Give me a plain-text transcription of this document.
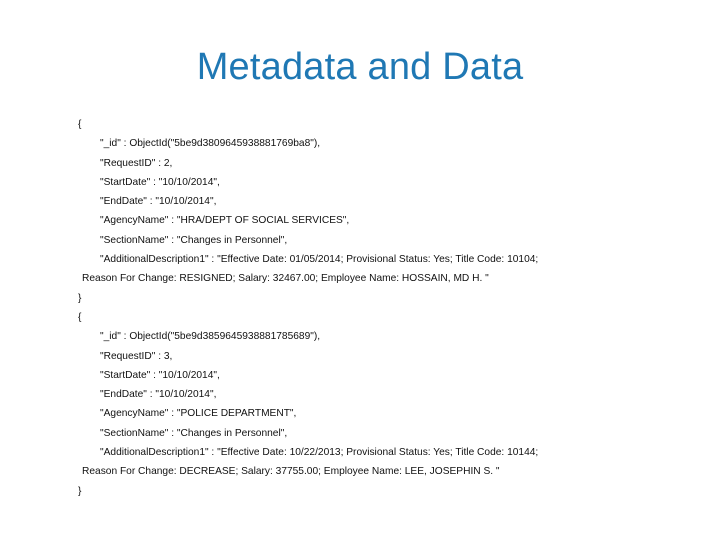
Metadata and Data
{
"_id" : ObjectId("5be9d3809645938881769ba8"),
"RequestID" : 2,
"StartDate" : "10/10/2014",
"EndDate" : "10/10/2014",
"AgencyName" : "HRA/DEPT OF SOCIAL SERVICES",
"SectionName" : "Changes in Personnel",
"AdditionalDescription1" : "Effective Date: 01/05/2014; Provisional Status: Yes; Title Code: 10104;
Reason For Change: RESIGNED; Salary: 32467.00; Employee Name: HOSSAIN, MD H. "
}
{
"_id" : ObjectId("5be9d3859645938881785689"),
"RequestID" : 3,
"StartDate" : "10/10/2014",
"EndDate" : "10/10/2014",
"AgencyName" : "POLICE DEPARTMENT",
"SectionName" : "Changes in Personnel",
"AdditionalDescription1" : "Effective Date: 10/22/2013; Provisional Status: Yes; Title Code: 10144;
Reason For Change: DECREASE; Salary: 37755.00; Employee Name: LEE, JOSEPHIN S. "
}
